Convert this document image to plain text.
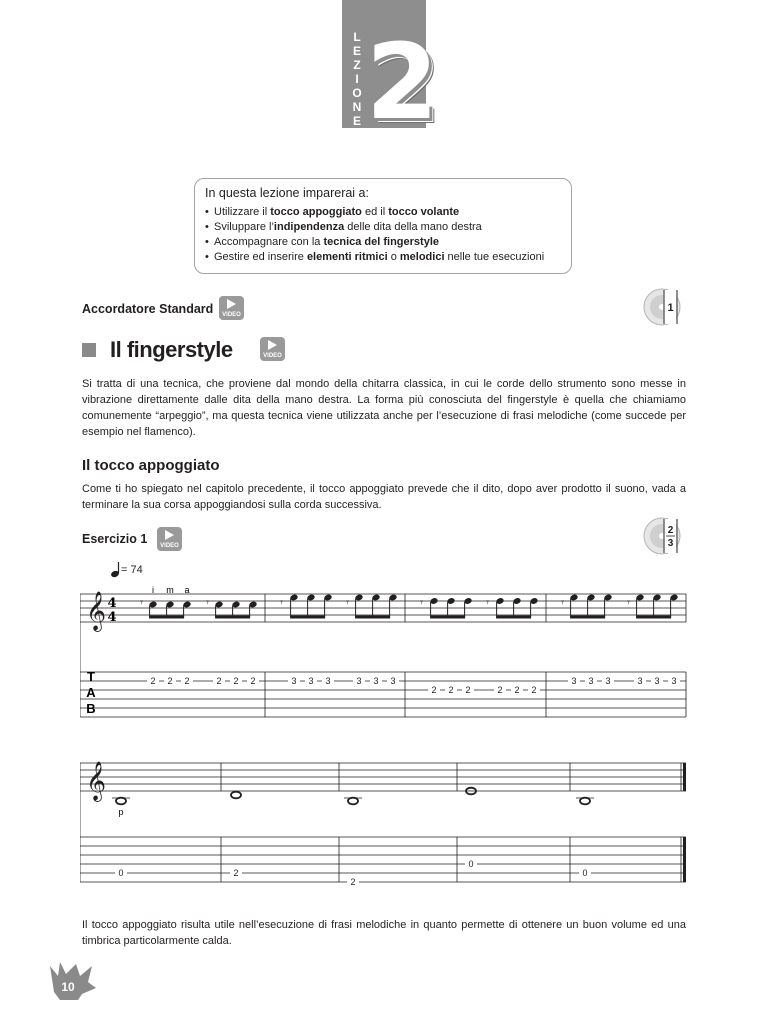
L
E
Z
I
O
N
E 2
In questa lezione imparerai a:
• Utilizzare il tocco appoggiato ed il tocco volante
• Sviluppare l’indipendenza delle dita della mano destra
• Accompagnare con la tecnica del fingerstyle
• Gestire ed inserire elementi ritmici o melodici nelle tue esecuzioni
Accordatore Standard	VIDEO
1
Il fingerstyle	VIDEO
Si tratta di una tecnica, che proviene dal mondo della chitarra classica, in cui le corde dello strumento sono messe in vibrazione direttamente dalle dita della mano destra. La forma più conosciuta del fingerstyle è quella che chiamiamo comunemente “arpeggio”, ma questa tecnica viene utilizzata anche per l’esecuzione di frasi melodiche (come succede per esempio nel flamenco).
Il tocco appoggiato
Come ti ho spiegato nel capitolo precedente, il tocco appoggiato prevede che il dito, dopo aver prodotto il suono, vada a terminare la sua corsa appoggiandosi sulla corda successiva.
Esercizio 1	VIDEO
2
3
= 74
i m a
𝄞 4
4
𝄾	𝄾	𝄾	𝄾	𝄾	𝄾	𝄾	𝄾
T
A
B
2 2 2	2 2 2	3 3 3	3 3 3
2 2 2	2 2 2
3 3 3	3 3 3
𝄞
p
0	2
2
0
0
Il tocco appoggiato risulta utile nell’esecuzione di frasi melodiche in quanto permette di ottenere un buon volume ed una timbrica particolarmente calda.
10
